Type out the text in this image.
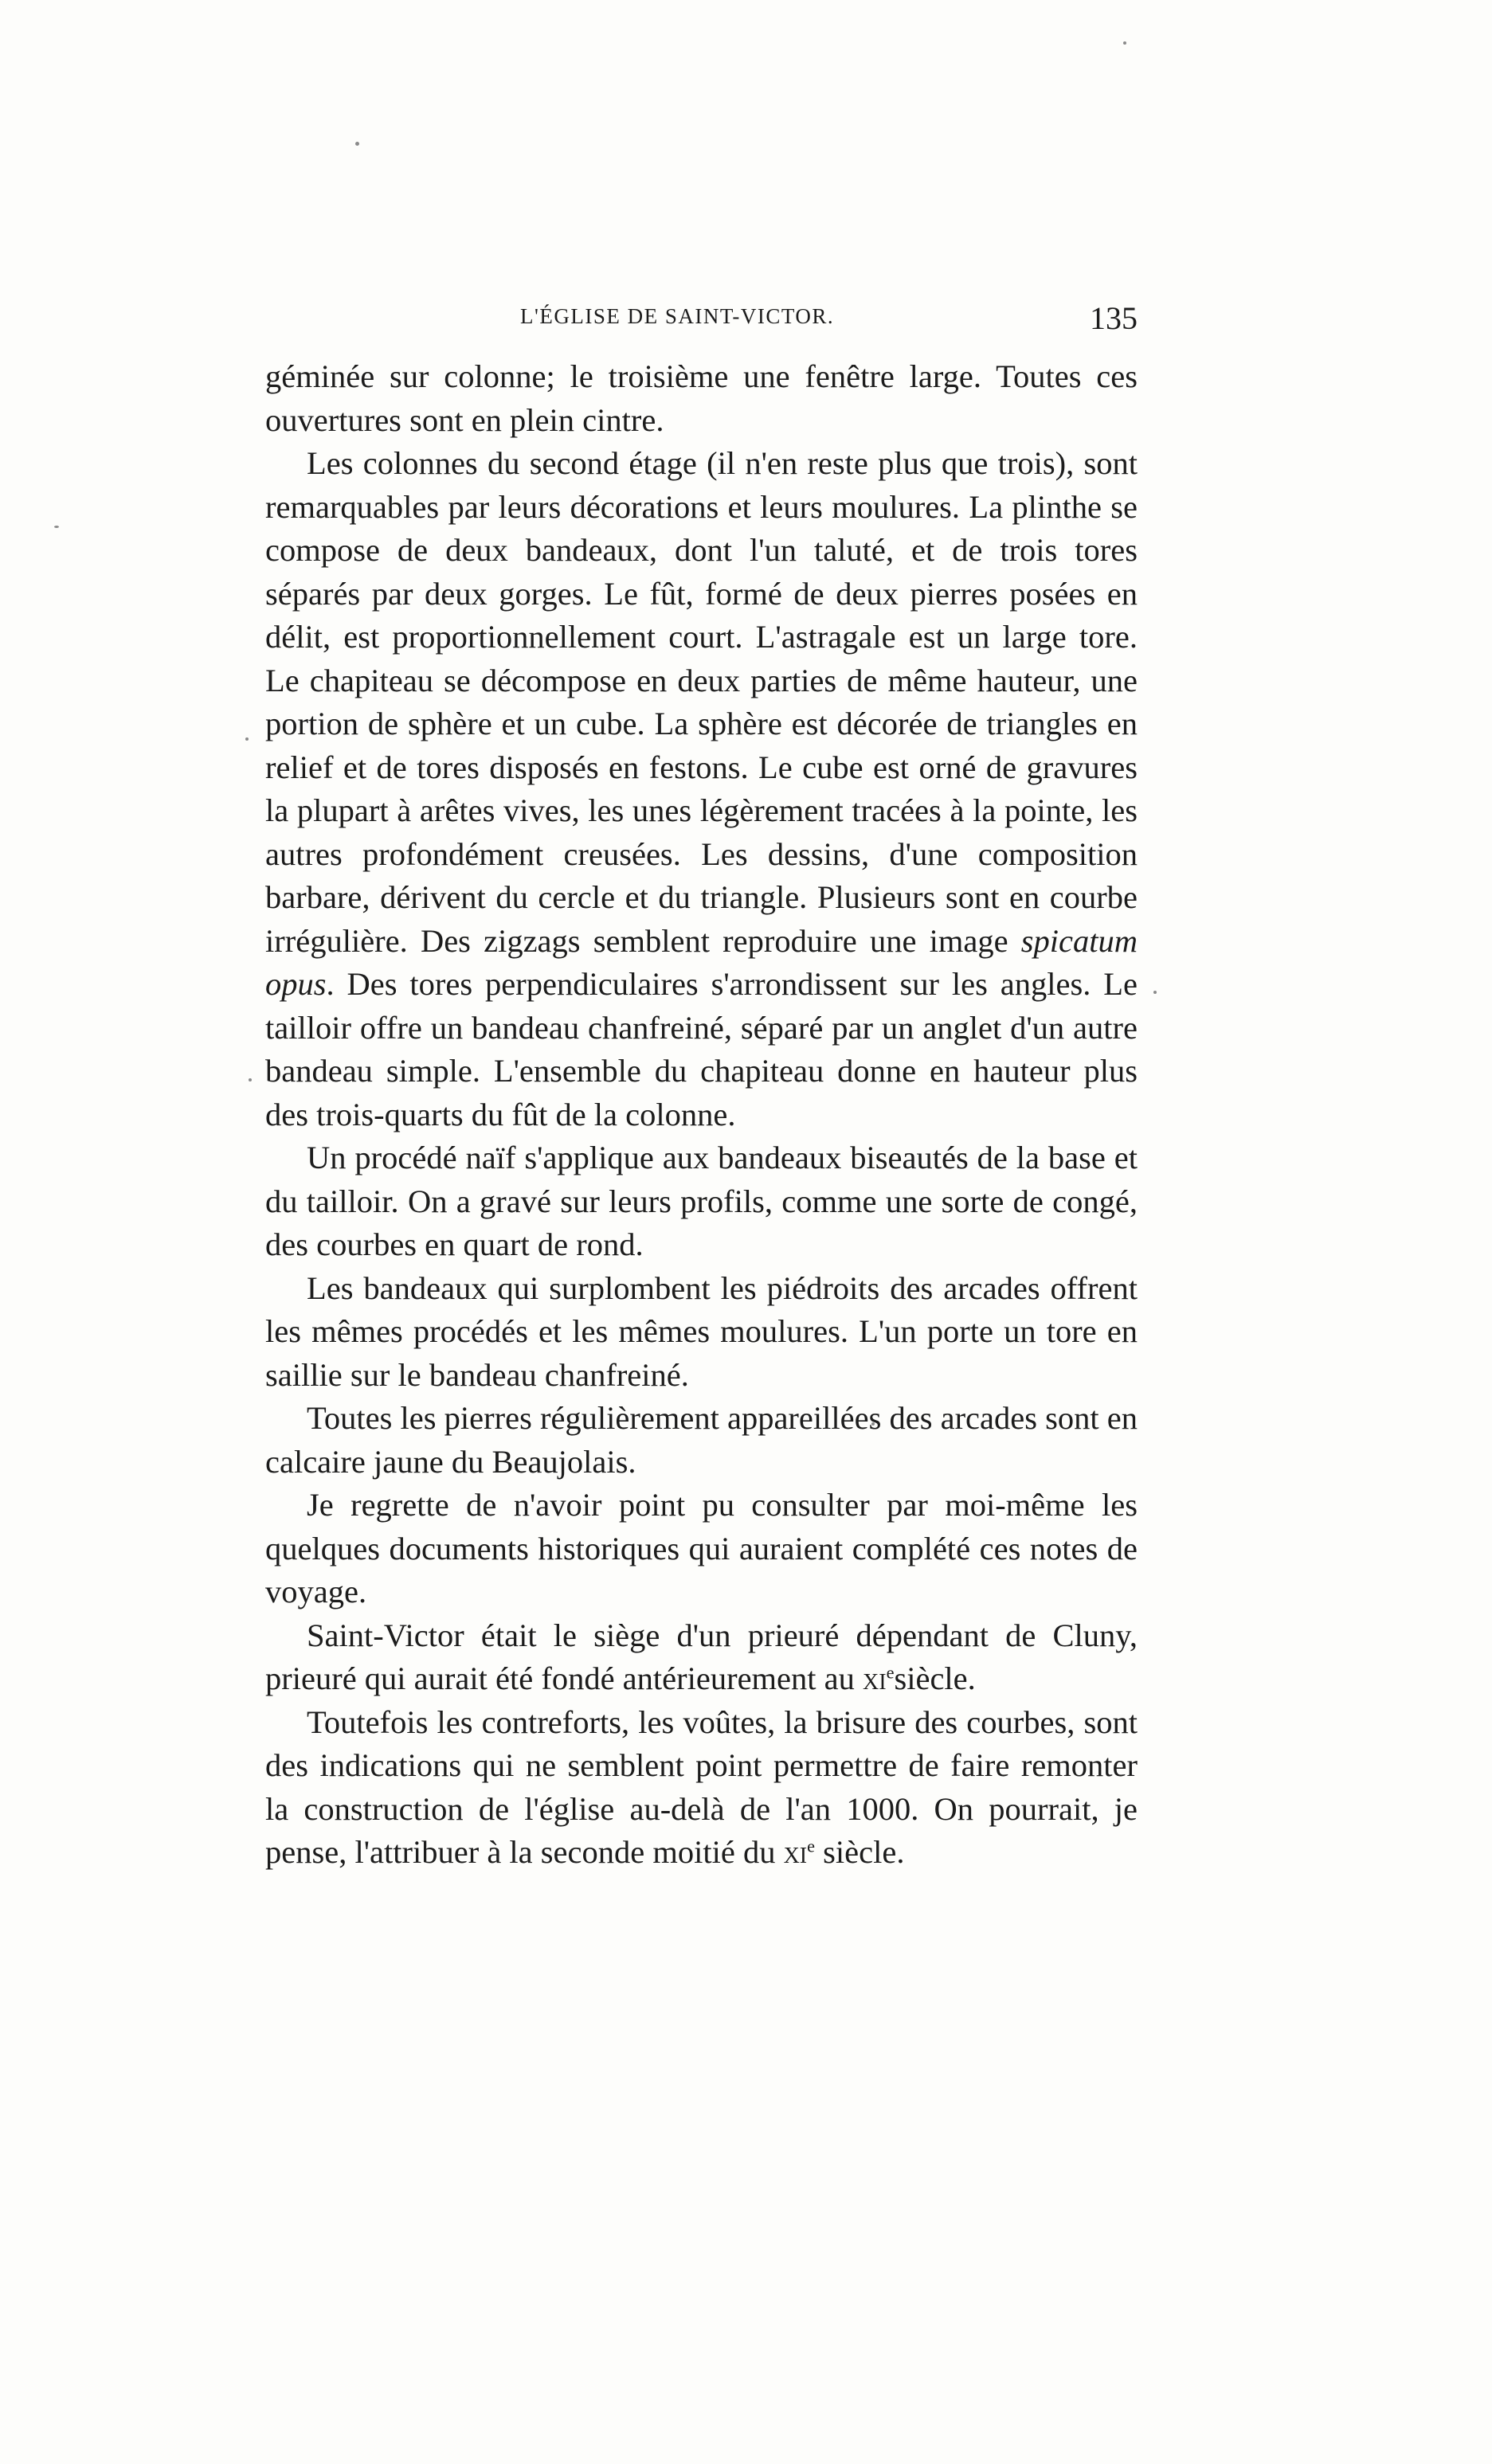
L'ÉGLISE DE SAINT-VICTOR.	135

géminée sur colonne; le troisième une fenêtre large. Toutes ces ouvertures sont en plein cintre.

Les colonnes du second étage (il n'en reste plus que trois), sont remarquables par leurs décorations et leurs moulures. La plinthe se compose de deux bandeaux, dont l'un taluté, et de trois tores séparés par deux gorges. Le fût, formé de deux pierres posées en délit, est proportionnellement court. L'astragale est un large tore. Le chapiteau se décompose en deux parties de même hauteur, une portion de sphère et un cube. La sphère est décorée de triangles en relief et de tores disposés en festons. Le cube est orné de gravures la plupart à arêtes vives, les unes légèrement tracées à la pointe, les autres profondément creusées. Les dessins, d'une composition barbare, dérivent du cercle et du triangle. Plusieurs sont en courbe irrégulière. Des zigzags semblent reproduire une image spicatum opus. Des tores perpendiculaires s'arrondissent sur les angles. Le tailloir offre un bandeau chanfreiné, séparé par un anglet d'un autre bandeau simple. L'ensemble du chapiteau donne en hauteur plus des trois-quarts du fût de la colonne.

Un procédé naïf s'applique aux bandeaux biseautés de la base et du tailloir. On a gravé sur leurs profils, comme une sorte de congé, des courbes en quart de rond.

Les bandeaux qui surplombent les piédroits des arcades offrent les mêmes procédés et les mêmes moulures. L'un porte un tore en saillie sur le bandeau chanfreiné.

Toutes les pierres régulièrement appareillées des arcades sont en calcaire jaune du Beaujolais.

Je regrette de n'avoir point pu consulter par moi-même les quelques documents historiques qui auraient complété ces notes de voyage.

Saint-Victor était le siège d'un prieuré dépendant de Cluny, prieuré qui aurait été fondé antérieurement au $xi^esiècle$.

Toutefois les contreforts, les voûtes, la brisure des courbes, sont des indications qui ne semblent point permettre de faire remonter la construction de l'église au-delà de l'an 1000. On pourrait, je pense, l'attribuer à la seconde moitié du $xi^e$ siècle.
